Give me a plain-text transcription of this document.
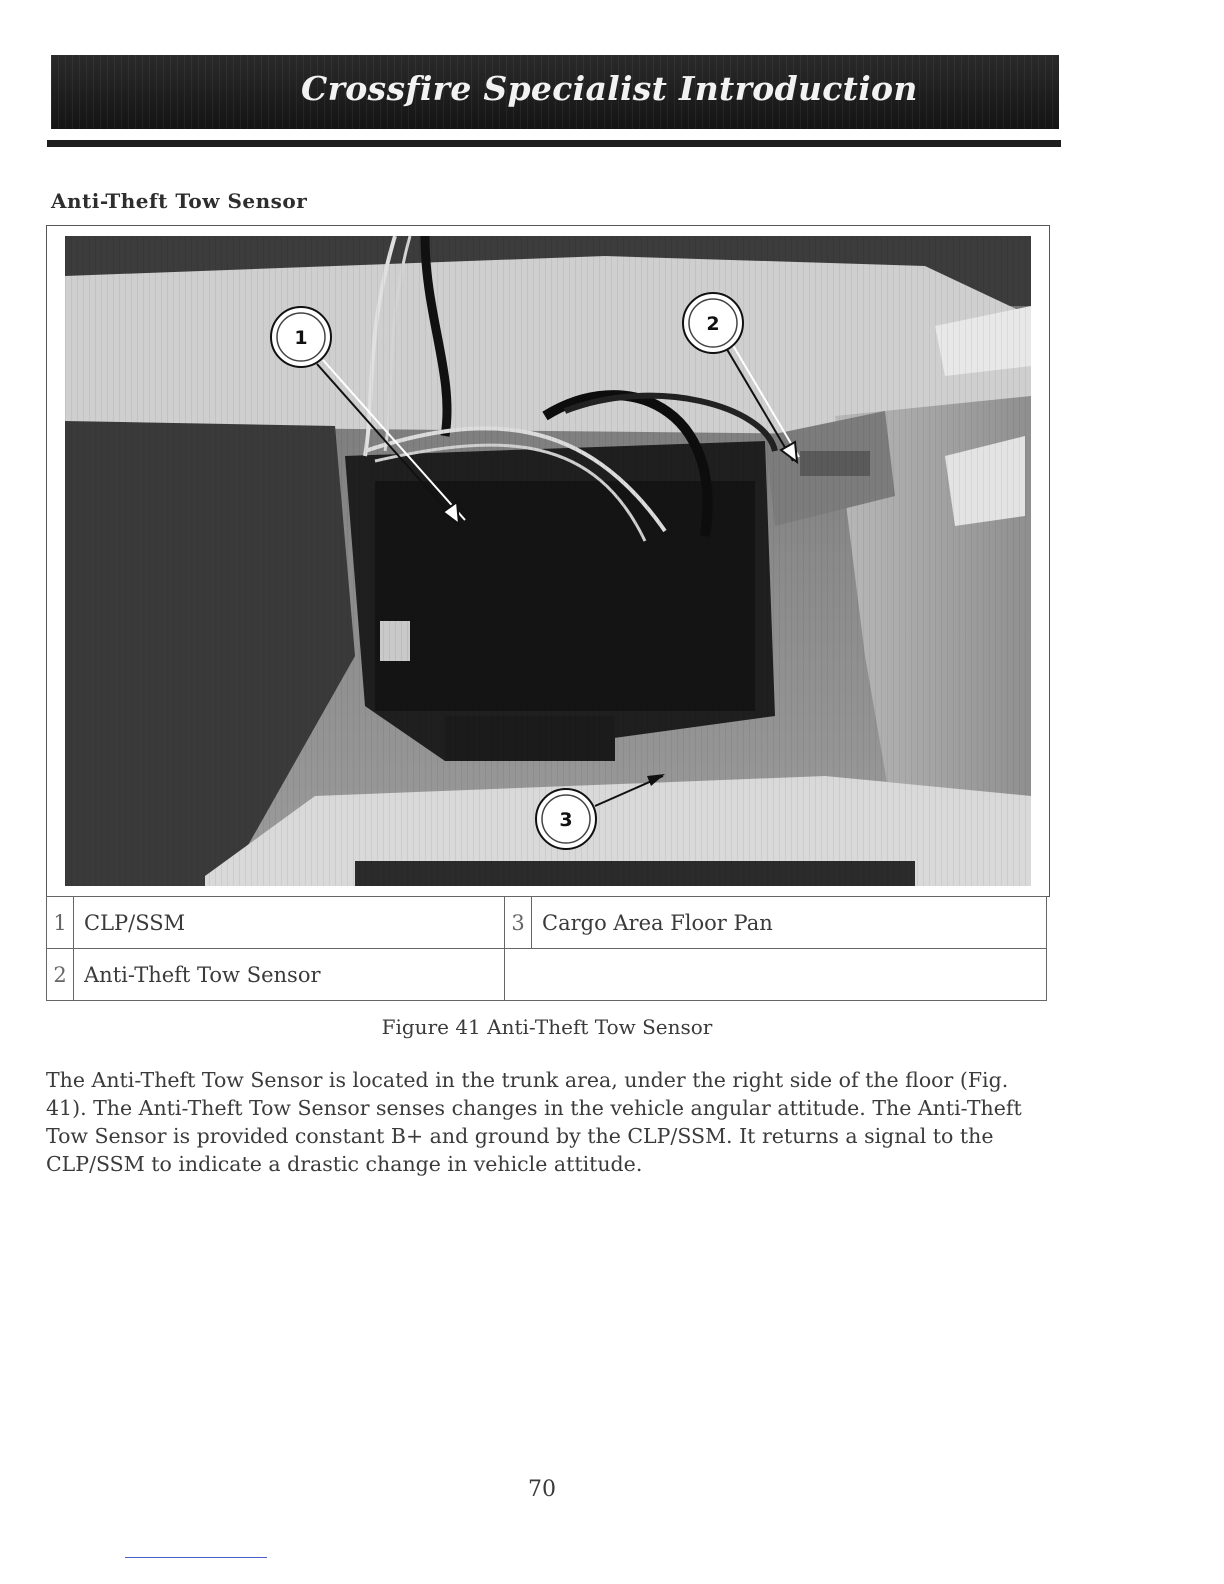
Crossfire Specialist Introduction
Anti-Theft Tow Sensor
1
2
3
1	CLP/SSM	3	Cargo Area Floor Pan
2	Anti-Theft Tow Sensor		
Figure 41 Anti-Theft Tow Sensor

The Anti-Theft Tow Sensor is located in the trunk area, under the right side of the floor (Fig. 41). The Anti-Theft Tow Sensor senses changes in the vehicle angular attitude. The Anti-Theft Tow Sensor is provided constant B+ and ground by the CLP/SSM. It returns a signal to the CLP/SSM to indicate a drastic change in vehicle attitude.

70
